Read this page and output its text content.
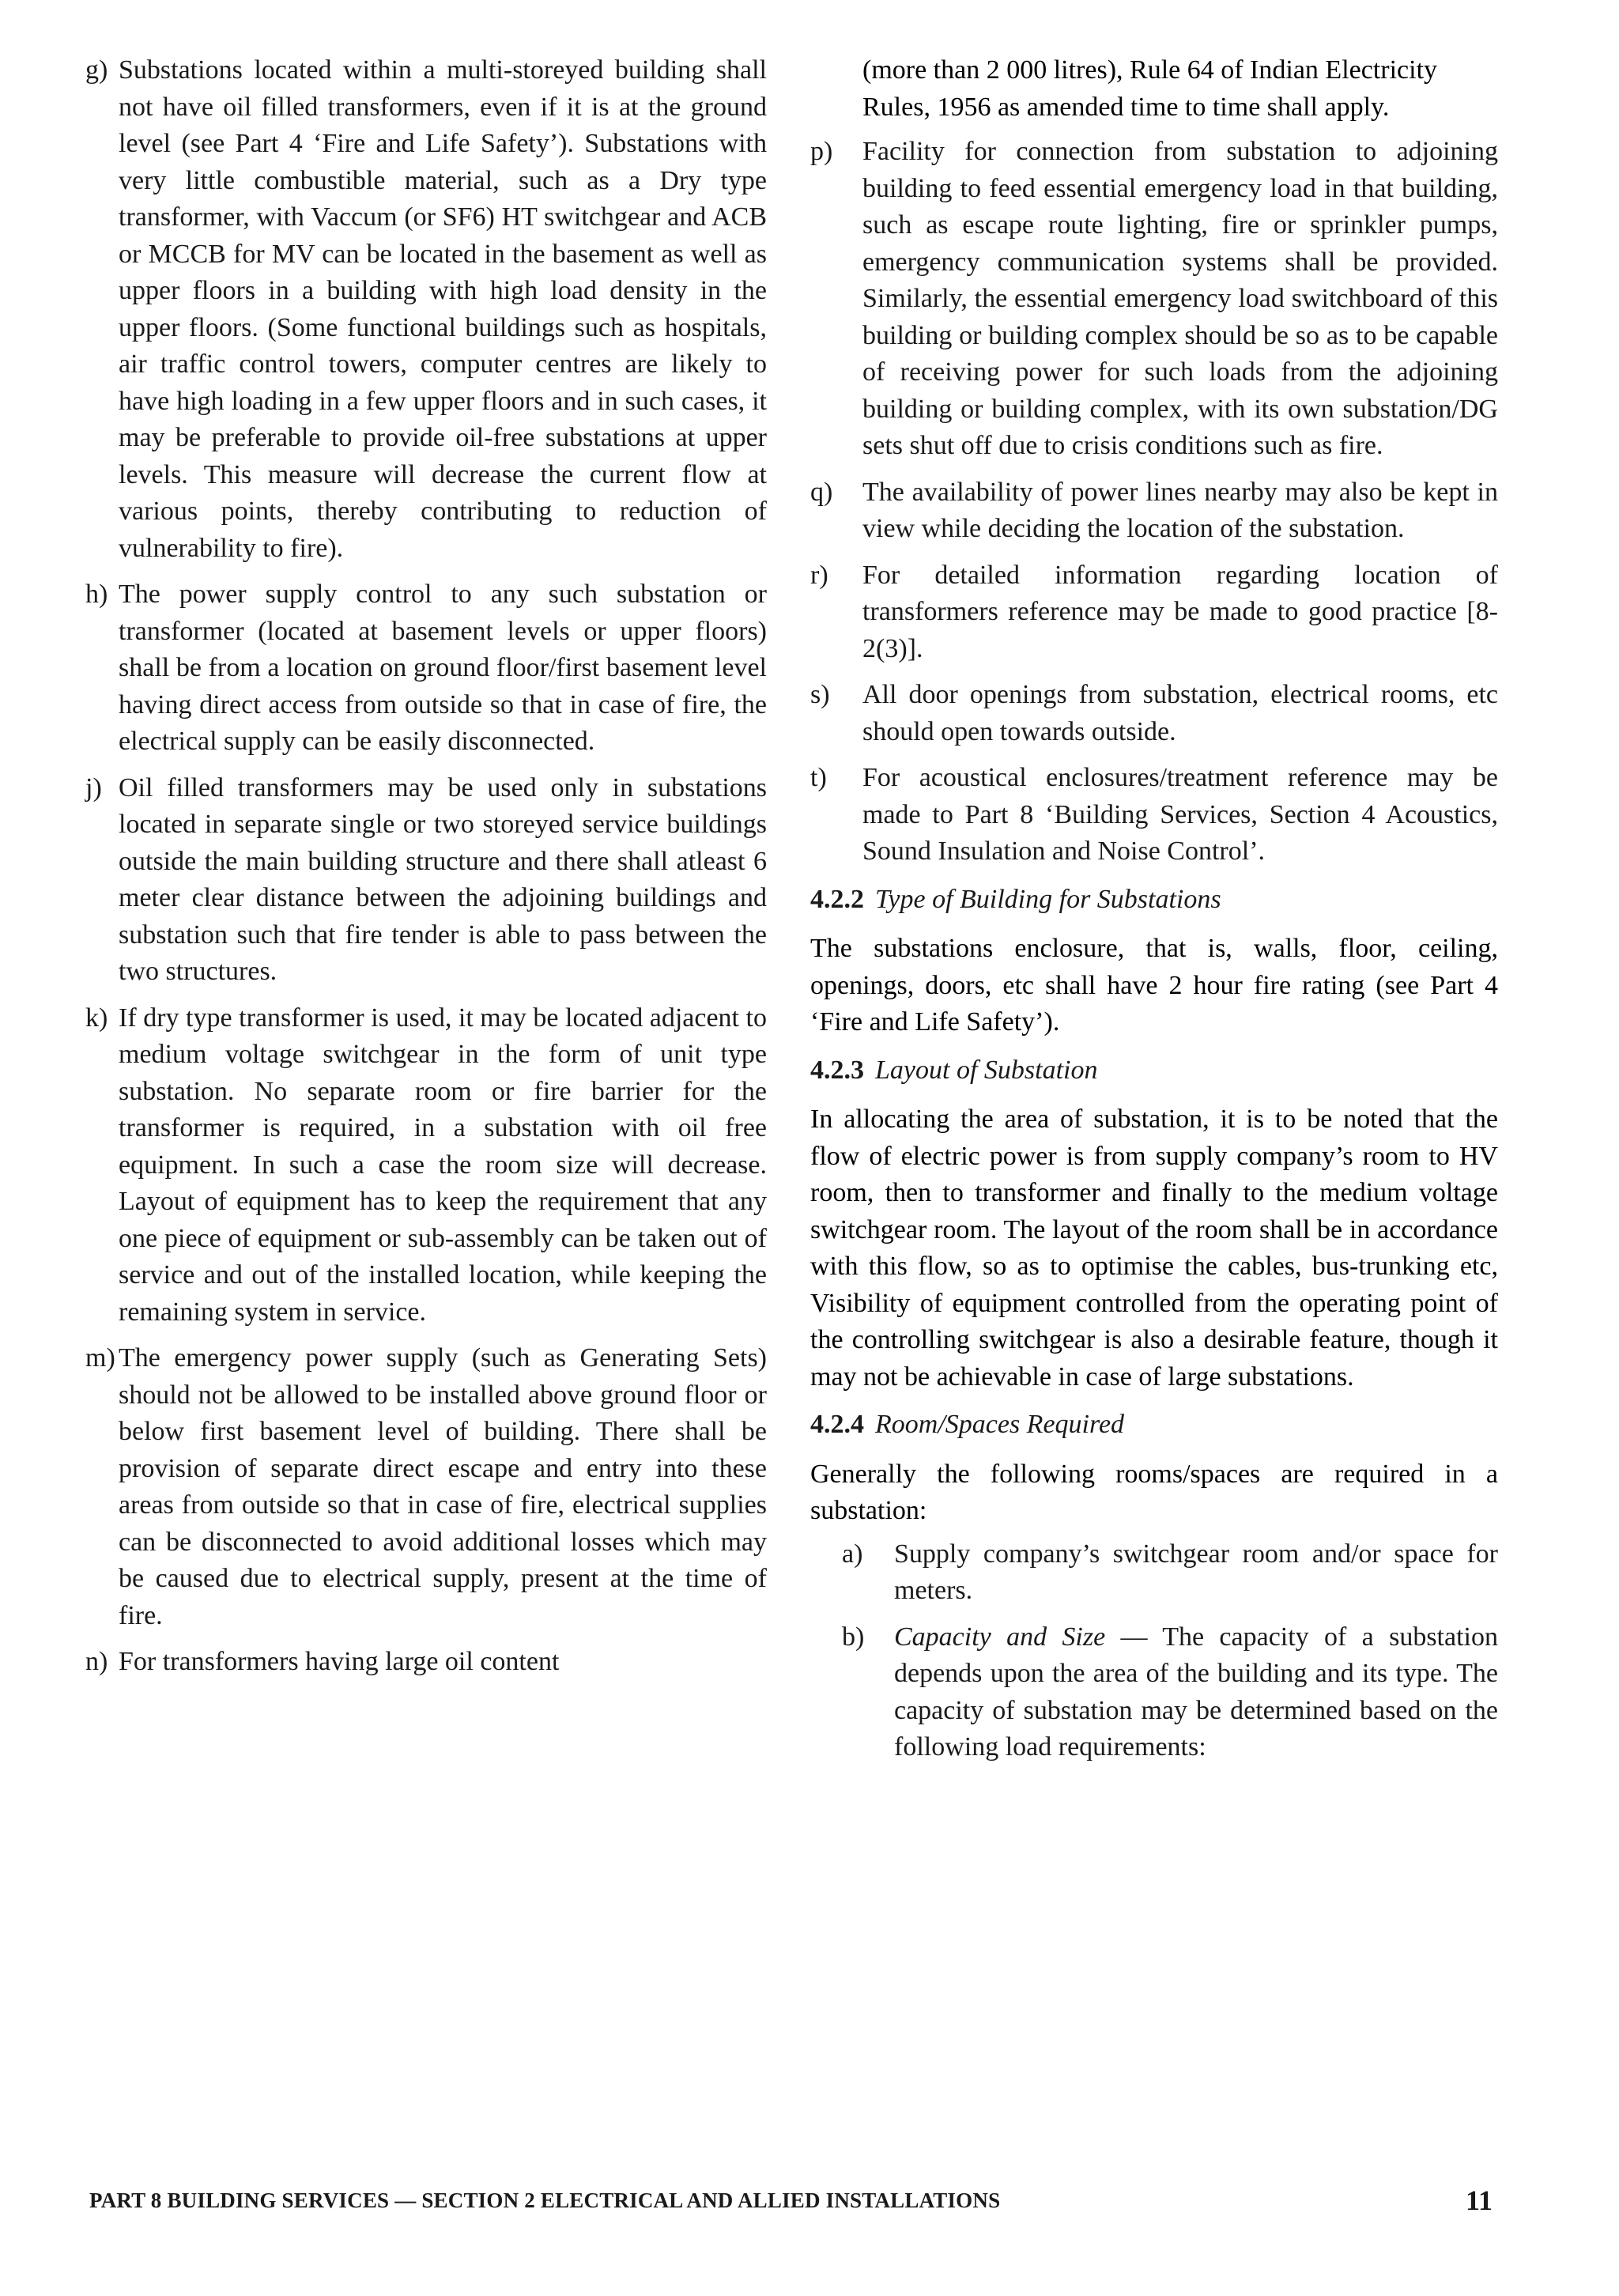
g) Substations located within a multi-storeyed building shall not have oil filled transformers, even if it is at the ground level (see Part 4 ‘Fire and Life Safety’). Substations with very little combustible material, such as a Dry type transformer, with Vaccum (or SF6) HT switchgear and ACB or MCCB for MV can be located in the basement as well as upper floors in a building with high load density in the upper floors. (Some functional buildings such as hospitals, air traffic control towers, computer centres are likely to have high loading in a few upper floors and in such cases, it may be preferable to provide oil-free substations at upper levels. This measure will decrease the current flow at various points, thereby contributing to reduction of vulnerability to fire).
h) The power supply control to any such substation or transformer (located at basement levels or upper floors) shall be from a location on ground floor/first basement level having direct access from outside so that in case of fire, the electrical supply can be easily disconnected.
j) Oil filled transformers may be used only in substations located in separate single or two storeyed service buildings outside the main building structure and there shall atleast 6 meter clear distance between the adjoining buildings and substation such that fire tender is able to pass between the two structures.
k) If dry type transformer is used, it may be located adjacent to medium voltage switchgear in the form of unit type substation. No separate room or fire barrier for the transformer is required, in a substation with oil free equipment. In such a case the room size will decrease. Layout of equipment has to keep the requirement that any one piece of equipment or sub-assembly can be taken out of service and out of the installed location, while keeping the remaining system in service.
m) The emergency power supply (such as Generating Sets) should not be allowed to be installed above ground floor or below first basement level of building. There shall be provision of separate direct escape and entry into these areas from outside so that in case of fire, electrical supplies can be disconnected to avoid additional losses which may be caused due to electrical supply, present at the time of fire.
n) For transformers having large oil content
(more than 2 000 litres), Rule 64 of Indian Electricity Rules, 1956 as amended time to time shall apply.
p) Facility for connection from substation to adjoining building to feed essential emergency load in that building, such as escape route lighting, fire or sprinkler pumps, emergency communication systems shall be provided. Similarly, the essential emergency load switchboard of this building or building complex should be so as to be capable of receiving power for such loads from the adjoining building or building complex, with its own substation/DG sets shut off due to crisis conditions such as fire.
q) The availability of power lines nearby may also be kept in view while deciding the location of the substation.
r) For detailed information regarding location of transformers reference may be made to good practice [8-2(3)].
s) All door openings from substation, electrical rooms, etc should open towards outside.
t) For acoustical enclosures/treatment reference may be made to Part 8 ‘Building Services, Section 4 Acoustics, Sound Insulation and Noise Control’.
4.2.2 Type of Building for Substations
The substations enclosure, that is, walls, floor, ceiling, openings, doors, etc shall have 2 hour fire rating (see Part 4 ‘Fire and Life Safety’).
4.2.3 Layout of Substation
In allocating the area of substation, it is to be noted that the flow of electric power is from supply company’s room to HV room, then to transformer and finally to the medium voltage switchgear room. The layout of the room shall be in accordance with this flow, so as to optimise the cables, bus-trunking etc, Visibility of equipment controlled from the operating point of the controlling switchgear is also a desirable feature, though it may not be achievable in case of large substations.
4.2.4 Room/Spaces Required
Generally the following rooms/spaces are required in a substation:
a) Supply company’s switchgear room and/or space for meters.
b) Capacity and Size — The capacity of a substation depends upon the area of the building and its type. The capacity of substation may be determined based on the following load requirements:
PART 8 BUILDING SERVICES — SECTION 2 ELECTRICAL AND ALLIED INSTALLATIONS	11
